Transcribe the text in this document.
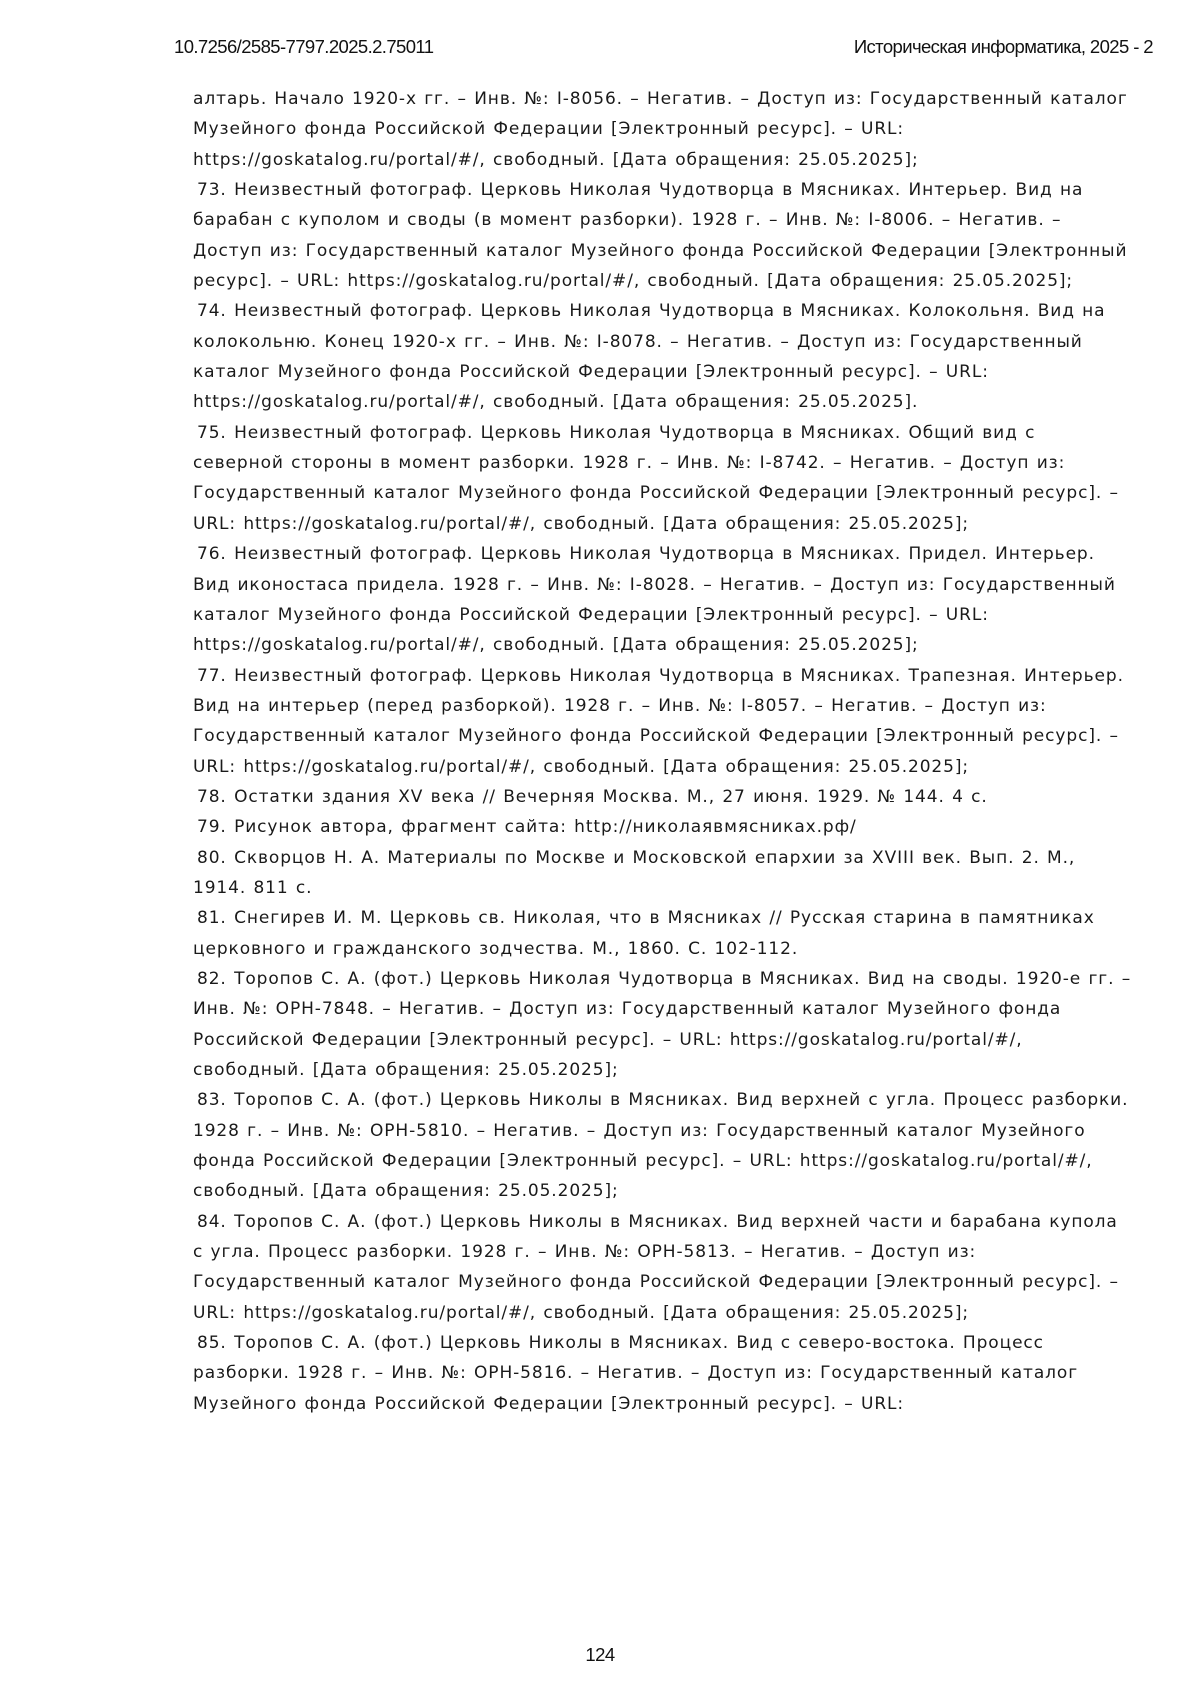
10.7256/2585-7797.2025.2.75011	Историческая информатика, 2025 - 2
алтарь. Начало 1920-х гг. – Инв. №: I-8056. – Негатив. – Доступ из: Государственный каталог Музейного фонда Российской Федерации [Электронный ресурс]. – URL: https://goskatalog.ru/portal/#/, свободный. [Дата обращения: 25.05.2025];
73. Неизвестный фотограф. Церковь Николая Чудотворца в Мясниках. Интерьер. Вид на барабан с куполом и своды (в момент разборки). 1928 г. – Инв. №: I-8006. – Негатив. – Доступ из: Государственный каталог Музейного фонда Российской Федерации [Электронный ресурс]. – URL: https://goskatalog.ru/portal/#/, свободный. [Дата обращения: 25.05.2025];
74. Неизвестный фотограф. Церковь Николая Чудотворца в Мясниках. Колокольня. Вид на колокольню. Конец 1920-х гг. – Инв. №: I-8078. – Негатив. – Доступ из: Государственный каталог Музейного фонда Российской Федерации [Электронный ресурс]. – URL: https://goskatalog.ru/portal/#/, свободный. [Дата обращения: 25.05.2025].
75. Неизвестный фотограф. Церковь Николая Чудотворца в Мясниках. Общий вид с северной стороны в момент разборки. 1928 г. – Инв. №: I-8742. – Негатив. – Доступ из: Государственный каталог Музейного фонда Российской Федерации [Электронный ресурс]. – URL: https://goskatalog.ru/portal/#/, свободный. [Дата обращения: 25.05.2025];
76. Неизвестный фотограф. Церковь Николая Чудотворца в Мясниках. Придел. Интерьер. Вид иконостаса придела. 1928 г. – Инв. №: I-8028. – Негатив. – Доступ из: Государственный каталог Музейного фонда Российской Федерации [Электронный ресурс]. – URL: https://goskatalog.ru/portal/#/, свободный. [Дата обращения: 25.05.2025];
77. Неизвестный фотограф. Церковь Николая Чудотворца в Мясниках. Трапезная. Интерьер. Вид на интерьер (перед разборкой). 1928 г. – Инв. №: I-8057. – Негатив. – Доступ из: Государственный каталог Музейного фонда Российской Федерации [Электронный ресурс]. – URL: https://goskatalog.ru/portal/#/, свободный. [Дата обращения: 25.05.2025];
78. Остатки здания XV века // Вечерняя Москва. М., 27 июня. 1929. № 144. 4 с.
79. Рисунок автора, фрагмент сайта: http://николаявмясниках.рф/
80. Скворцов Н. А. Материалы по Москве и Московской епархии за XVIII век. Вып. 2. М., 1914. 811 с.
81. Снегирев И. М. Церковь св. Николая, что в Мясниках // Русская старина в памятниках церковного и гражданского зодчества. М., 1860. С. 102-112.
82. Торопов С. А. (фот.) Церковь Николая Чудотворца в Мясниках. Вид на своды. 1920-е гг. – Инв. №: ОРН-7848. – Негатив. – Доступ из: Государственный каталог Музейного фонда Российской Федерации [Электронный ресурс]. – URL: https://goskatalog.ru/portal/#/, свободный. [Дата обращения: 25.05.2025];
83. Торопов С. А. (фот.) Церковь Николы в Мясниках. Вид верхней с угла. Процесс разборки. 1928 г. – Инв. №: ОРН-5810. – Негатив. – Доступ из: Государственный каталог Музейного фонда Российской Федерации [Электронный ресурс]. – URL: https://goskatalog.ru/portal/#/, свободный. [Дата обращения: 25.05.2025];
84. Торопов С. А. (фот.) Церковь Николы в Мясниках. Вид верхней части и барабана купола с угла. Процесс разборки. 1928 г. – Инв. №: ОРН-5813. – Негатив. – Доступ из: Государственный каталог Музейного фонда Российской Федерации [Электронный ресурс]. – URL: https://goskatalog.ru/portal/#/, свободный. [Дата обращения: 25.05.2025];
85. Торопов С. А. (фот.) Церковь Николы в Мясниках. Вид с северо-востока. Процесс разборки. 1928 г. – Инв. №: ОРН-5816. – Негатив. – Доступ из: Государственный каталог Музейного фонда Российской Федерации [Электронный ресурс]. – URL:
124
